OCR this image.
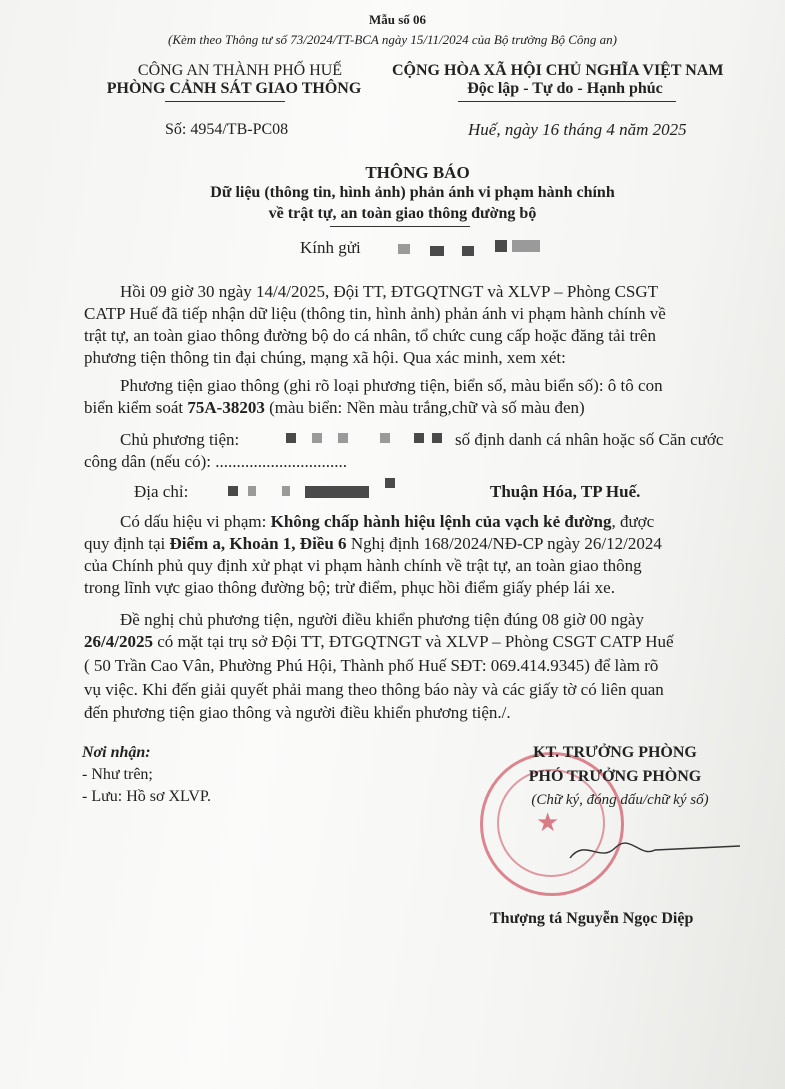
Mẫu số 06
(Kèm theo Thông tư số 73/2024/TT-BCA ngày 15/11/2024 của Bộ trưởng Bộ Công an)
CÔNG AN THÀNH PHỐ HUẾ
PHÒNG CẢNH SÁT GIAO THÔNG
Số: 4954/TB-PC08
CỘNG HÒA XÃ HỘI CHỦ NGHĨA VIỆT NAM
Độc lập - Tự do - Hạnh phúc
Huế, ngày 16 tháng 4 năm 2025
THÔNG BÁO
Dữ liệu (thông tin, hình ảnh) phản ánh vi phạm hành chính
về trật tự, an toàn giao thông đường bộ
Kính gửi
Hồi 09 giờ 30 ngày 14/4/2025, Đội TT, ĐTGQTNGT và XLVP – Phòng CSGT
CATP Huế đã tiếp nhận dữ liệu (thông tin, hình ảnh) phản ánh vi phạm hành chính về
trật tự, an toàn giao thông đường bộ do cá nhân, tổ chức cung cấp hoặc đăng tải trên
phương tiện thông tin đại chúng, mạng xã hội. Qua xác minh, xem xét:
Phương tiện giao thông (ghi rõ loại phương tiện, biển số, màu biển số): ô tô con
biển kiểm soát 75A-38203 (màu biển: Nền màu trắng,chữ và số màu đen)
Chủ phương tiện:	số định danh cá nhân hoặc số Căn cước
công dân (nếu có): ...............................
Địa chỉ:	Thuận Hóa, TP Huế.
Có dấu hiệu vi phạm: Không chấp hành hiệu lệnh của vạch kẻ đường, được
quy định tại Điểm a, Khoản 1, Điều 6 Nghị định 168/2024/NĐ-CP ngày 26/12/2024
của Chính phủ quy định xử phạt vi phạm hành chính về trật tự, an toàn giao thông
trong lĩnh vực giao thông đường bộ; trừ điểm, phục hồi điểm giấy phép lái xe.
Đề nghị chủ phương tiện, người điều khiển phương tiện đúng 08 giờ 00 ngày
26/4/2025 có mặt tại trụ sở Đội TT, ĐTGQTNGT và XLVP – Phòng CSGT CATP Huế
( 50 Trần Cao Vân, Phường Phú Hội, Thành phố Huế SĐT: 069.414.9345) để làm rõ
vụ việc. Khi đến giải quyết phải mang theo thông báo này và các giấy tờ có liên quan
đến phương tiện giao thông và người điều khiển phương tiện./.
Nơi nhận:
- Như trên;
- Lưu: Hồ sơ XLVP.
★
KT. TRƯỞNG PHÒNG
PHÓ TRƯỞNG PHÒNG
(Chữ ký, đóng dấu/chữ ký số)
Thượng tá Nguyễn Ngọc Diệp
